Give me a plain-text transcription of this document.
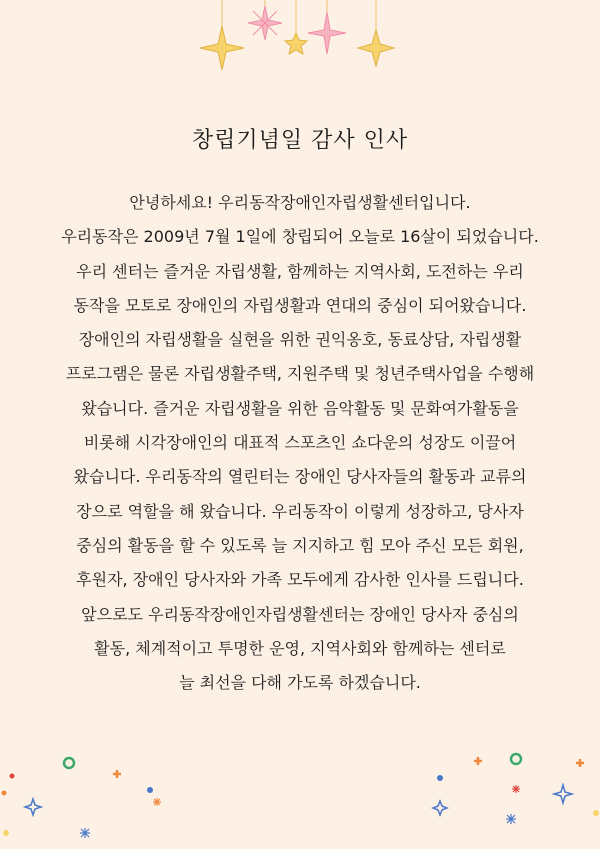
창립기념일 감사 인사
안녕하세요! 우리동작장애인자립생활센터입니다.
우리동작은 2009년 7월 1일에 창립되어 오늘로 16살이 되었습니다.
우리 센터는 즐거운 자립생활, 함께하는 지역사회, 도전하는 우리
동작을 모토로 장애인의 자립생활과 연대의 중심이 되어왔습니다.
장애인의 자립생활을 실현을 위한 권익옹호, 동료상담, 자립생활
프로그램은 물론 자립생활주택, 지원주택 및 청년주택사업을 수행해
왔습니다. 즐거운 자립생활을 위한 음악활동 및 문화여가활동을
비롯해 시각장애인의 대표적 스포츠인 쇼다운의 성장도 이끌어
왔습니다. 우리동작의 열린터는 장애인 당사자들의 활동과 교류의
장으로 역할을 해 왔습니다. 우리동작이 이렇게 성장하고, 당사자
중심의 활동을 할 수 있도록 늘 지지하고 힘 모아 주신 모든 회원,
후원자, 장애인 당사자와 가족 모두에게 감사한 인사를 드립니다.
앞으로도 우리동작장애인자립생활센터는 장애인 당사자 중심의
활동, 체계적이고 투명한 운영, 지역사회와 함께하는 센터로
늘 최선을 다해 가도록 하겠습니다.
